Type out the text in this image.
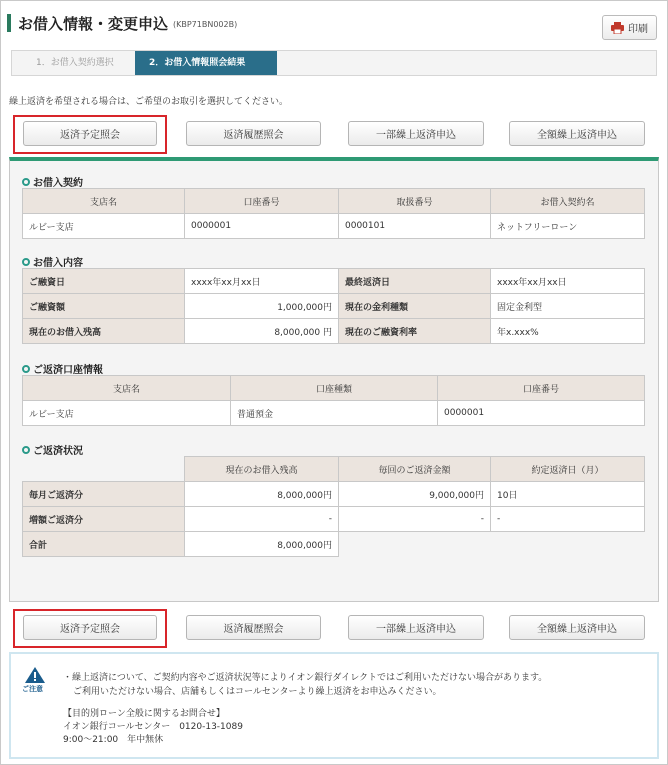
お借入情報・変更申込 (KBP71BN002B)	印刷
1．お借入契約選択	2．お借入情報照会結果
繰上返済を希望される場合は、ご希望のお取引を選択してください。
返済予定照会	返済履歴照会	一部繰上返済申込	全額繰上返済申込
お借入契約
支店名	口座番号	取扱番号	お借入契約名
ルビー支店	0000001	0000101	ネットフリーローン
お借入内容
ご融資日	xxxx年xx月xx日	最終返済日	xxxx年xx月xx日
ご融資額	1,000,000円	現在の金利種類	固定金利型
現在のお借入残高	8,000,000 円	現在のご融資利率	年x.xxx%
ご返済口座情報
支店名	口座種類	口座番号
ルビー支店	普通預金	0000001
ご返済状況
	現在のお借入残高	毎回のご返済金額	約定返済日（月）
毎月ご返済分	8,000,000円	9,000,000円	10日
増額ご返済分	-	-	-
合計	8,000,000円		
返済予定照会	返済履歴照会	一部繰上返済申込	全額繰上返済申込
ご注意
・繰上返済について、ご契約内容やご返済状況等によりイオン銀行ダイレクトではご利用いただけない場合があります。
ご利用いただけない場合、店舗もしくはコールセンターより繰上返済をお申込みください。
【目的別ローン全般に関するお問合せ】
イオン銀行コールセンター　0120-13-1089
9:00～21:00　年中無休
